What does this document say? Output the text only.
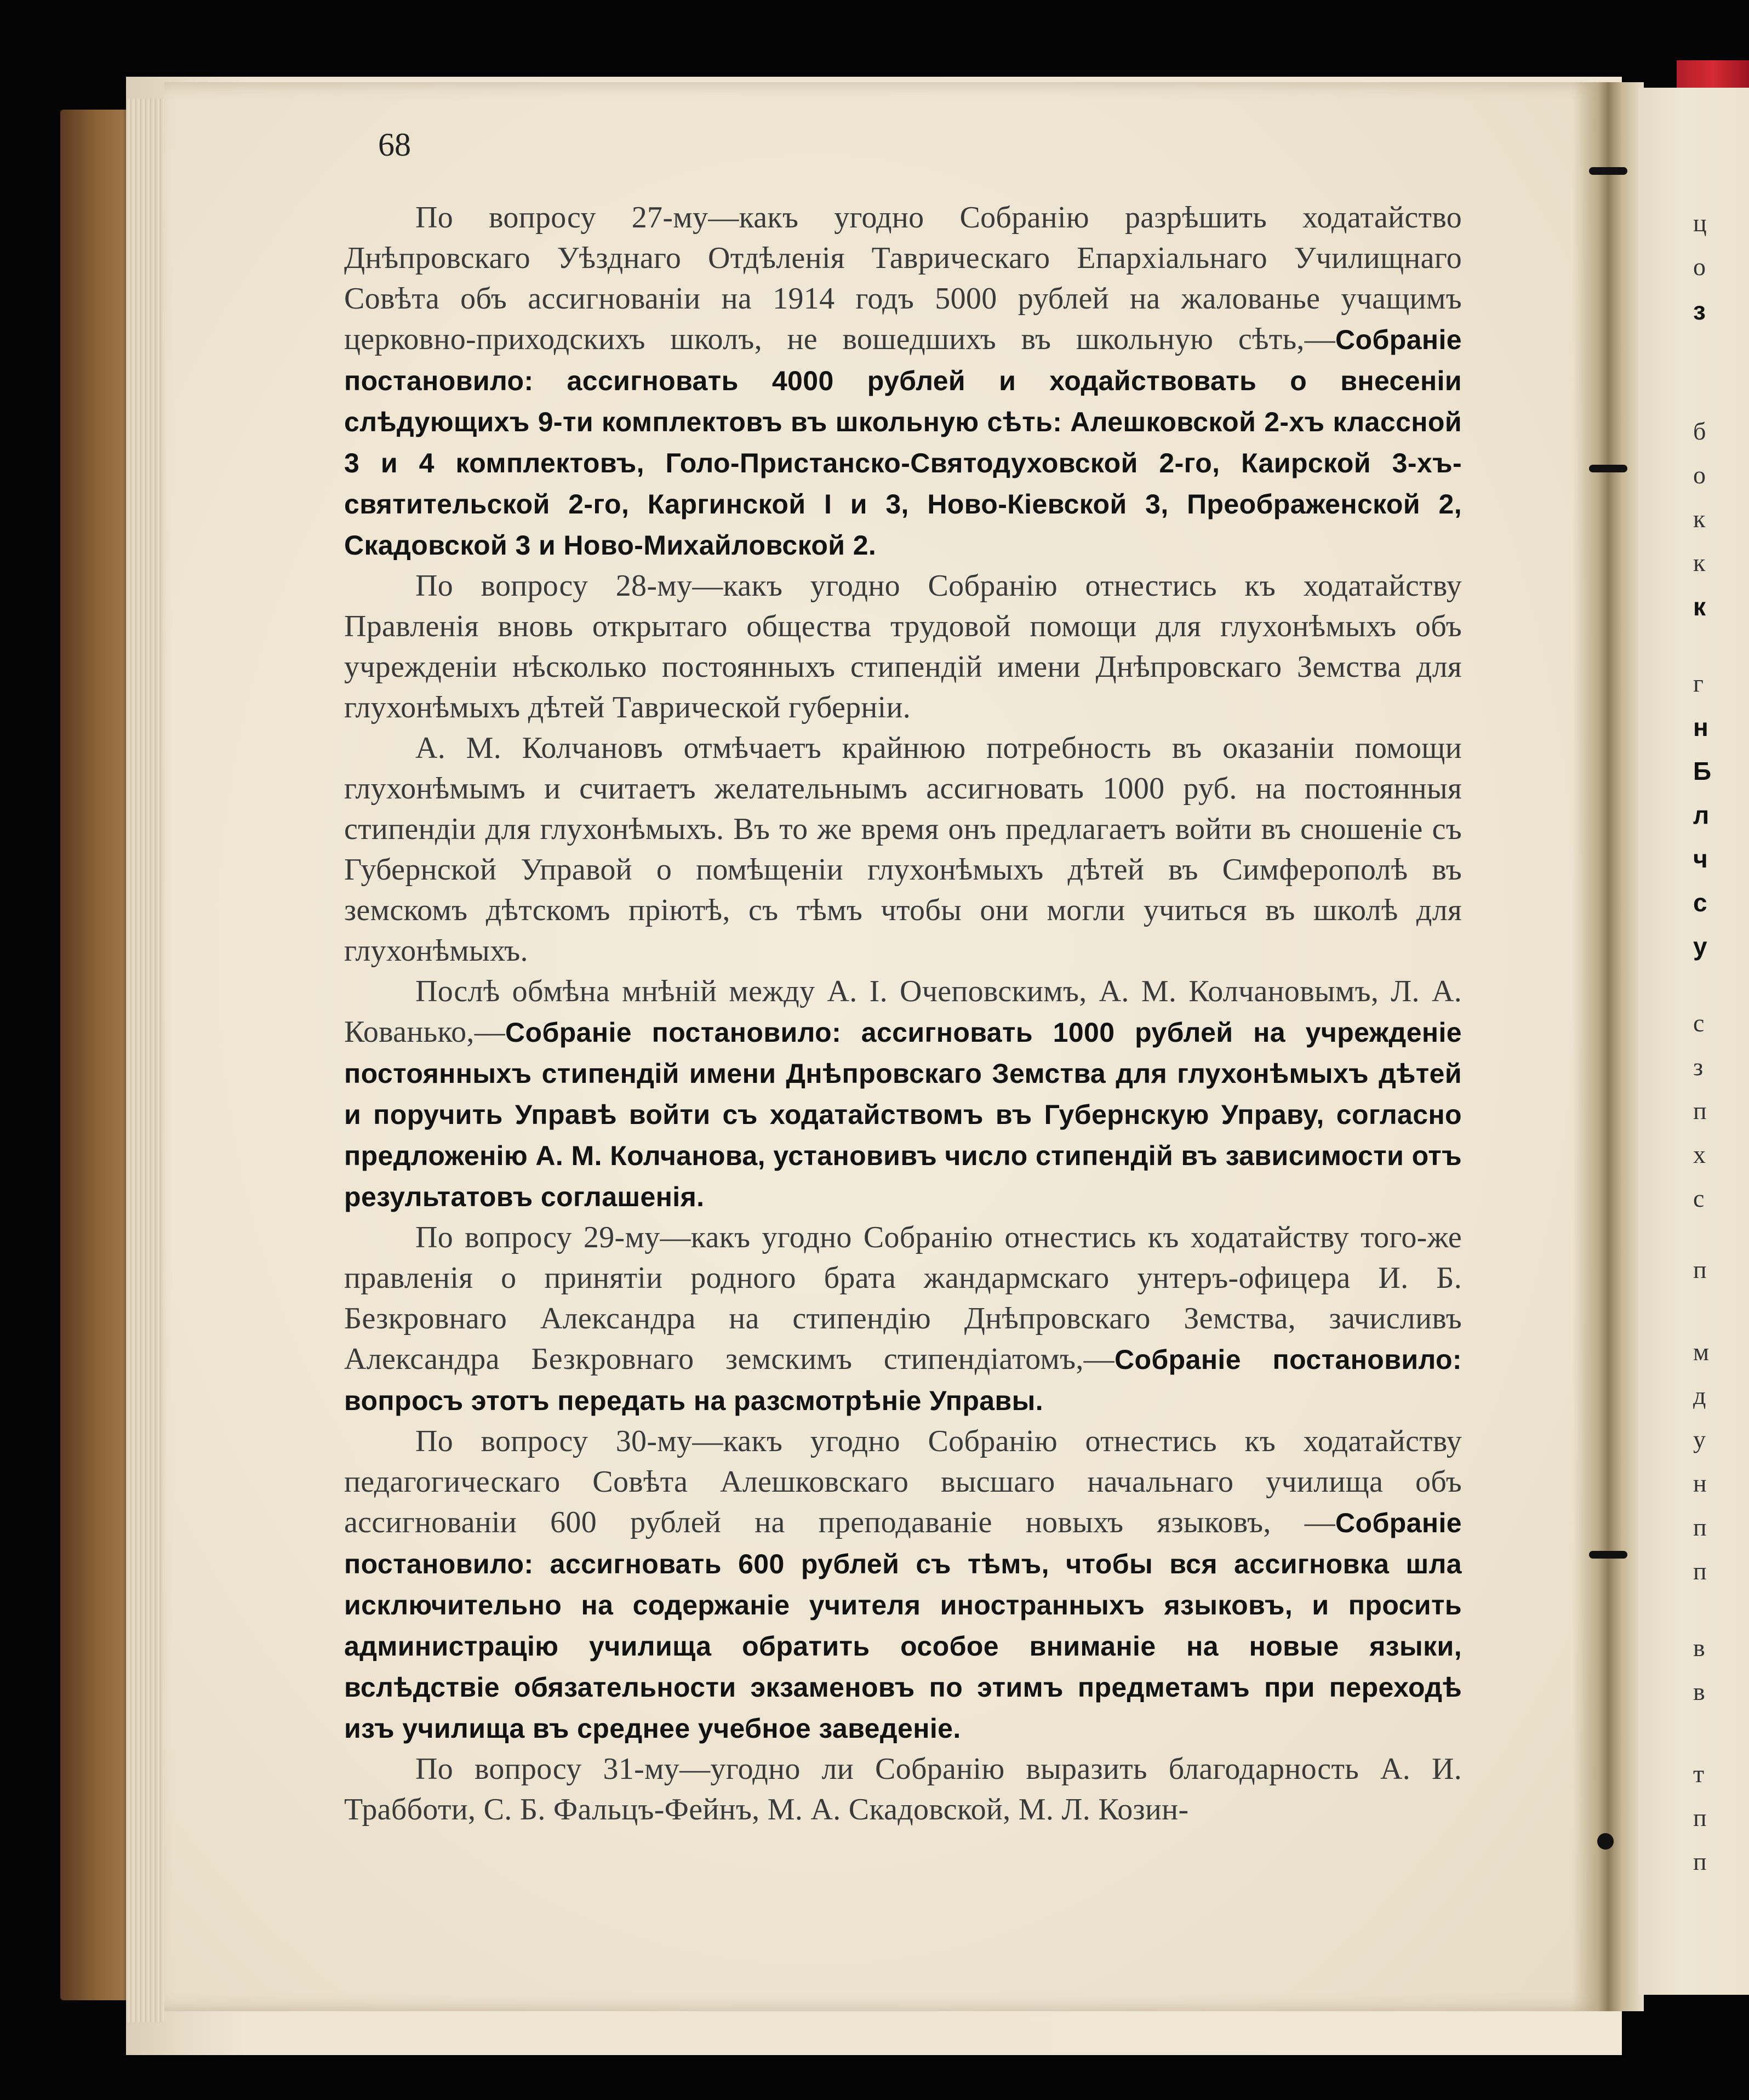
ц
о
з
б
о
к
к
к
г
н
Б
л
ч
с
у
с
з
п
х
с
п
м
д
у
н
п
п
в
в
т
п
п
68

По вопросу 27-му—какъ угодно Собранію разрѣшить ходатайство Днѣпровскаго Уѣзднаго Отдѣленія Таврическаго Епархіальнаго Училищнаго Совѣта объ ассигнованіи на 1914 годъ 5000 рублей на жалованье учащимъ церковно-приходскихъ школъ, не вошедшихъ въ школьную сѣть,—Собраніе постановило: ассигновать 4000 рублей и ходайствовать о внесеніи слѣдующихъ 9-ти комплектовъ въ школьную сѣть: Алешковской 2-хъ классной 3 и 4 комплектовъ, Голо-Пристанско-Святодуховской 2-го, Каирской 3-хъ-святительской 2-го, Каргинской I и 3, Ново-Кіевской 3, Преображенской 2, Скадовской 3 и Ново-Михайловской 2.

По вопросу 28-му—какъ угодно Собранію отнестись къ ходатайству Правленія вновь открытаго общества трудовой помощи для глухонѣмыхъ объ учрежденіи нѣсколько постоянныхъ стипендій имени Днѣпровскаго Земства для глухонѣмыхъ дѣтей Таврической губерніи.

А. М. Колчановъ отмѣчаетъ крайнюю потребность въ оказаніи помощи глухонѣмымъ и считаетъ желательнымъ ассигновать 1000 руб. на постоянныя стипендіи для глухонѣмыхъ. Въ то же время онъ предлагаетъ войти въ сношеніе съ Губернской Управой о помѣщеніи глухонѣмыхъ дѣтей въ Симферополѣ въ земскомъ дѣтскомъ пріютѣ, съ тѣмъ чтобы они могли учиться въ школѣ для глухонѣмыхъ.

Послѣ обмѣна мнѣній между А. I. Очеповскимъ, А. М. Колчановымъ, Л. А. Кованько,—Собраніе постановило: ассигновать 1000 рублей на учрежденіе постоянныхъ стипендій имени Днѣпровскаго Земства для глухонѣмыхъ дѣтей и поручить Управѣ войти съ ходатайствомъ въ Губернскую Управу, согласно предложенію А. М. Колчанова, установивъ число стипендій въ зависимости отъ результатовъ соглашенія.

По вопросу 29-му—какъ угодно Собранію отнестись къ ходатайству того-же правленія о принятіи родного брата жандармскаго унтеръ-офицера И. Б. Безкровнаго Александра на стипендію Днѣпровскаго Земства, зачисливъ Александра Безкровнаго земскимъ стипендіатомъ,—Собраніе постановило: вопросъ этотъ передать на разсмотрѣніе Управы.

По вопросу 30-му—какъ угодно Собранію отнестись къ ходатайству педагогическаго Совѣта Алешковскаго высшаго начальнаго училища объ ассигнованіи 600 рублей на преподаваніе новыхъ языковъ, —Собраніе постановило: ассигновать 600 рублей съ тѣмъ, чтобы вся ассигновка шла исключительно на содержаніе учителя иностранныхъ языковъ, и просить администрацію училища обратить особое вниманіе на новые языки, вслѣдствіе обязательности экзаменовъ по этимъ предметамъ при переходѣ изъ училища въ среднее учебное заведеніе.

По вопросу 31-му—угодно ли Собранію выразить благодарность А. И. Трабботи, С. Б. Фальцъ-Фейнъ, М. А. Скадовской, М. Л. Козин-
